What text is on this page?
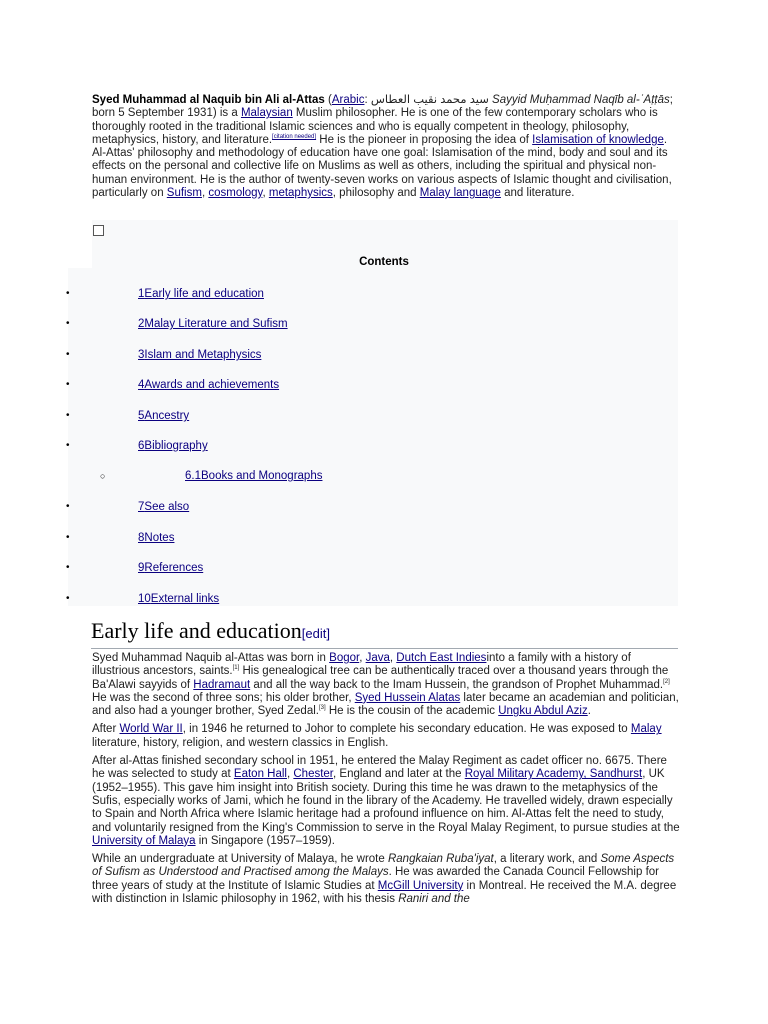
Syed Muhammad al Naquib bin Ali al-Attas (Arabic: سيد محمد نقيب العطاس Sayyid Muḥammad Naqīb al-ʿAṭṭās; born 5 September 1931) is a Malaysian Muslim philosopher. He is one of the few contemporary scholars who is thoroughly rooted in the traditional Islamic sciences and who is equally competent in theology, philosophy, metaphysics, history, and literature.[citation needed] He is the pioneer in proposing the idea of Islamisation of knowledge. Al-Attas' philosophy and methodology of education have one goal: Islamisation of the mind, body and soul and its effects on the personal and collective life on Muslims as well as others, including the spiritual and physical non-human environment. He is the author of twenty-seven works on various aspects of Islamic thought and civilisation, particularly on Sufism, cosmology, metaphysics, philosophy and Malay language and literature.
Contents
•	1Early life and education
•	2Malay Literature and Sufism
•	3Islam and Metaphysics
•	4Awards and achievements
•	5Ancestry
•	6Bibliography
○	6.1Books and Monographs
•	7See also
•	8Notes
•	9References
•	10External links
Early life and education[edit]

Syed Muhammad Naquib al-Attas was born in Bogor, Java, Dutch East Indiesinto a family with a history of illustrious ancestors, saints.[1] His genealogical tree can be authentically traced over a thousand years through the Ba'Alawi sayyids of Hadramaut and all the way back to the Imam Hussein, the grandson of Prophet Muhammad.[2] He was the second of three sons; his older brother, Syed Hussein Alatas later became an academian and politician, and also had a younger brother, Syed Zedal.[3] He is the cousin of the academic Ungku Abdul Aziz.

After World War II, in 1946 he returned to Johor to complete his secondary education. He was exposed to Malay literature, history, religion, and western classics in English.

After al-Attas finished secondary school in 1951, he entered the Malay Regiment as cadet officer no. 6675. There he was selected to study at Eaton Hall, Chester, England and later at the Royal Military Academy, Sandhurst, UK (1952–1955). This gave him insight into British society. During this time he was drawn to the metaphysics of the Sufis, especially works of Jami, which he found in the library of the Academy. He travelled widely, drawn especially to Spain and North Africa where Islamic heritage had a profound influence on him. Al-Attas felt the need to study, and voluntarily resigned from the King's Commission to serve in the Royal Malay Regiment, to pursue studies at the University of Malaya in Singapore (1957–1959).

While an undergraduate at University of Malaya, he wrote Rangkaian Ruba'iyat, a literary work, and Some Aspects of Sufism as Understood and Practised among the Malays. He was awarded the Canada Council Fellowship for three years of study at the Institute of Islamic Studies at McGill University in Montreal. He received the M.A. degree with distinction in Islamic philosophy in 1962, with his thesis Raniri and the
